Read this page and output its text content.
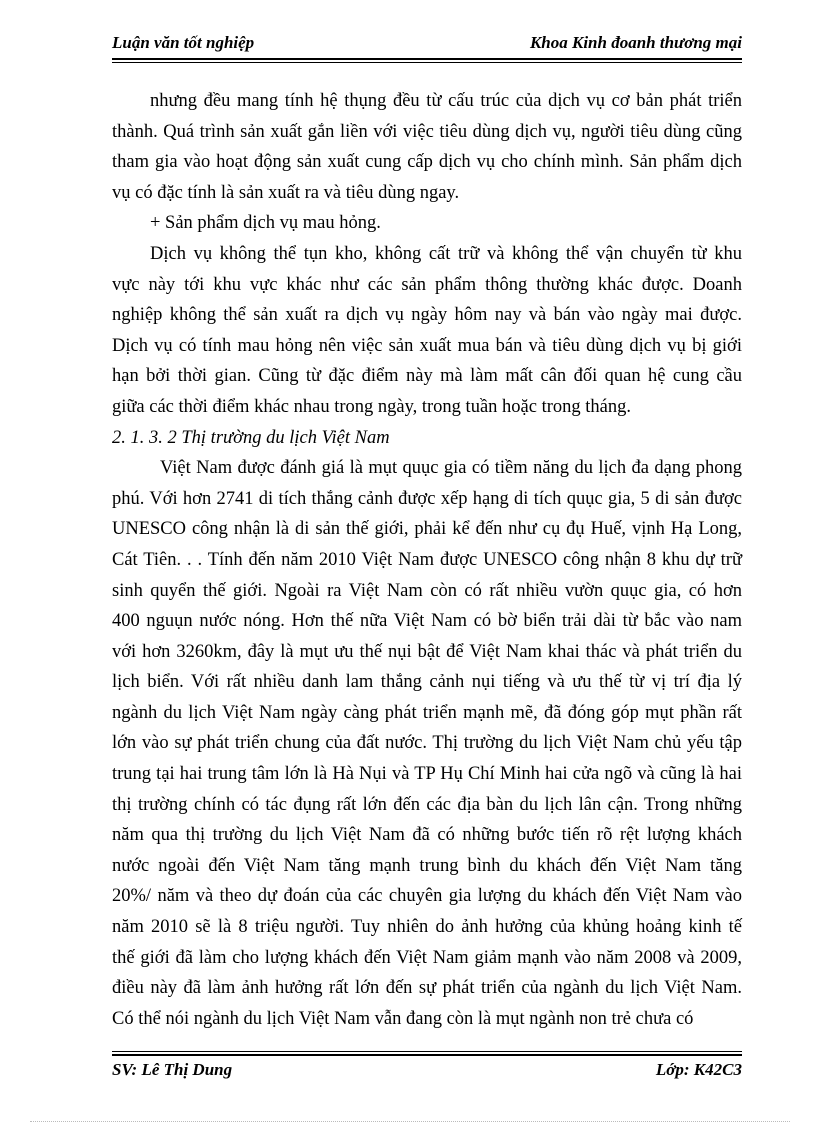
Luận văn tốt nghiệp	Khoa Kinh đoanh thương mại
nhưng đều mang tính hệ thụng đều từ cấu trúc của dịch vụ cơ bản phát triển
thành. Quá trình sản xuất gắn liền với việc tiêu dùng dịch vụ, người tiêu dùng cũng
tham gia vào hoạt động sản xuất cung cấp dịch vụ cho chính mình. Sản phẩm dịch
vụ có đặc tính là sản xuất ra và tiêu dùng ngay.
+ Sản phẩm dịch vụ mau hỏng.
Dịch vụ không thể tụn kho, không cất trữ và không thể vận chuyển từ khu
vực này tới khu vực khác như các sản phẩm thông thường khác được. Doanh
nghiệp không thể sản xuất ra dịch vụ ngày hôm nay và bán vào ngày mai được.
Dịch vụ có tính mau hỏng nên việc sản xuất mua bán và tiêu dùng dịch vụ bị giới
hạn bởi thời gian. Cũng từ đặc điểm này mà làm mất cân đối quan hệ cung cầu
giữa các thời điểm khác nhau trong ngày, trong tuần hoặc trong tháng.
2. 1. 3. 2 Thị trường du lịch Việt Nam
Việt Nam được đánh giá là mụt quục gia có tiềm năng du lịch đa dạng phong
phú. Với hơn 2741 di tích thắng cảnh được xếp hạng di tích quục gia, 5 di sản được
UNESCO công nhận là di sản thế giới, phải kể đến như cụ đụ Huế, vịnh Hạ Long,
Cát Tiên. . . Tính đến năm 2010 Việt Nam được UNESCO công nhận 8 khu dự trữ
sinh quyển thế giới. Ngoài ra Việt Nam còn có rất nhiều vườn quục gia, có hơn
400 nguụn nước nóng. Hơn thế nữa Việt Nam có bờ biển trải dài từ bắc vào nam
với hơn 3260km, đây là mụt ưu thế nụi bật để Việt Nam khai thác và phát triển du
lịch biển. Với rất nhiều danh lam thắng cảnh nụi tiếng và ưu thế từ vị trí địa lý
ngành du lịch Việt Nam ngày càng phát triển mạnh mẽ, đã đóng góp mụt phần rất
lớn vào sự phát triển chung của đất nước. Thị trường du lịch Việt Nam chủ yếu tập
trung tại hai trung tâm lớn là Hà Nụi và TP Hụ Chí Minh hai cửa ngõ và cũng là hai
thị trường chính có tác đụng rất lớn đến các địa bàn du lịch lân cận. Trong những
năm qua thị trường du lịch Việt Nam đã có những bước tiến rõ rệt lượng khách
nước ngoài đến Việt Nam tăng mạnh trung bình du khách đến Việt Nam tăng
20%/ năm và theo dự đoán của các chuyên gia lượng du khách đến Việt Nam vào
năm 2010 sẽ là 8 triệu người. Tuy nhiên do ảnh hưởng của khủng hoảng kinh tế
thế giới đã làm cho lượng khách đến Việt Nam giảm mạnh vào năm 2008 và 2009,
điều này đã làm ảnh hưởng rất lớn đến sự phát triển của ngành du lịch Việt Nam.
Có thể nói ngành du lịch Việt Nam vẫn đang còn là mụt ngành non trẻ chưa có
SV: Lê Thị Dung	Lớp: K42C3
